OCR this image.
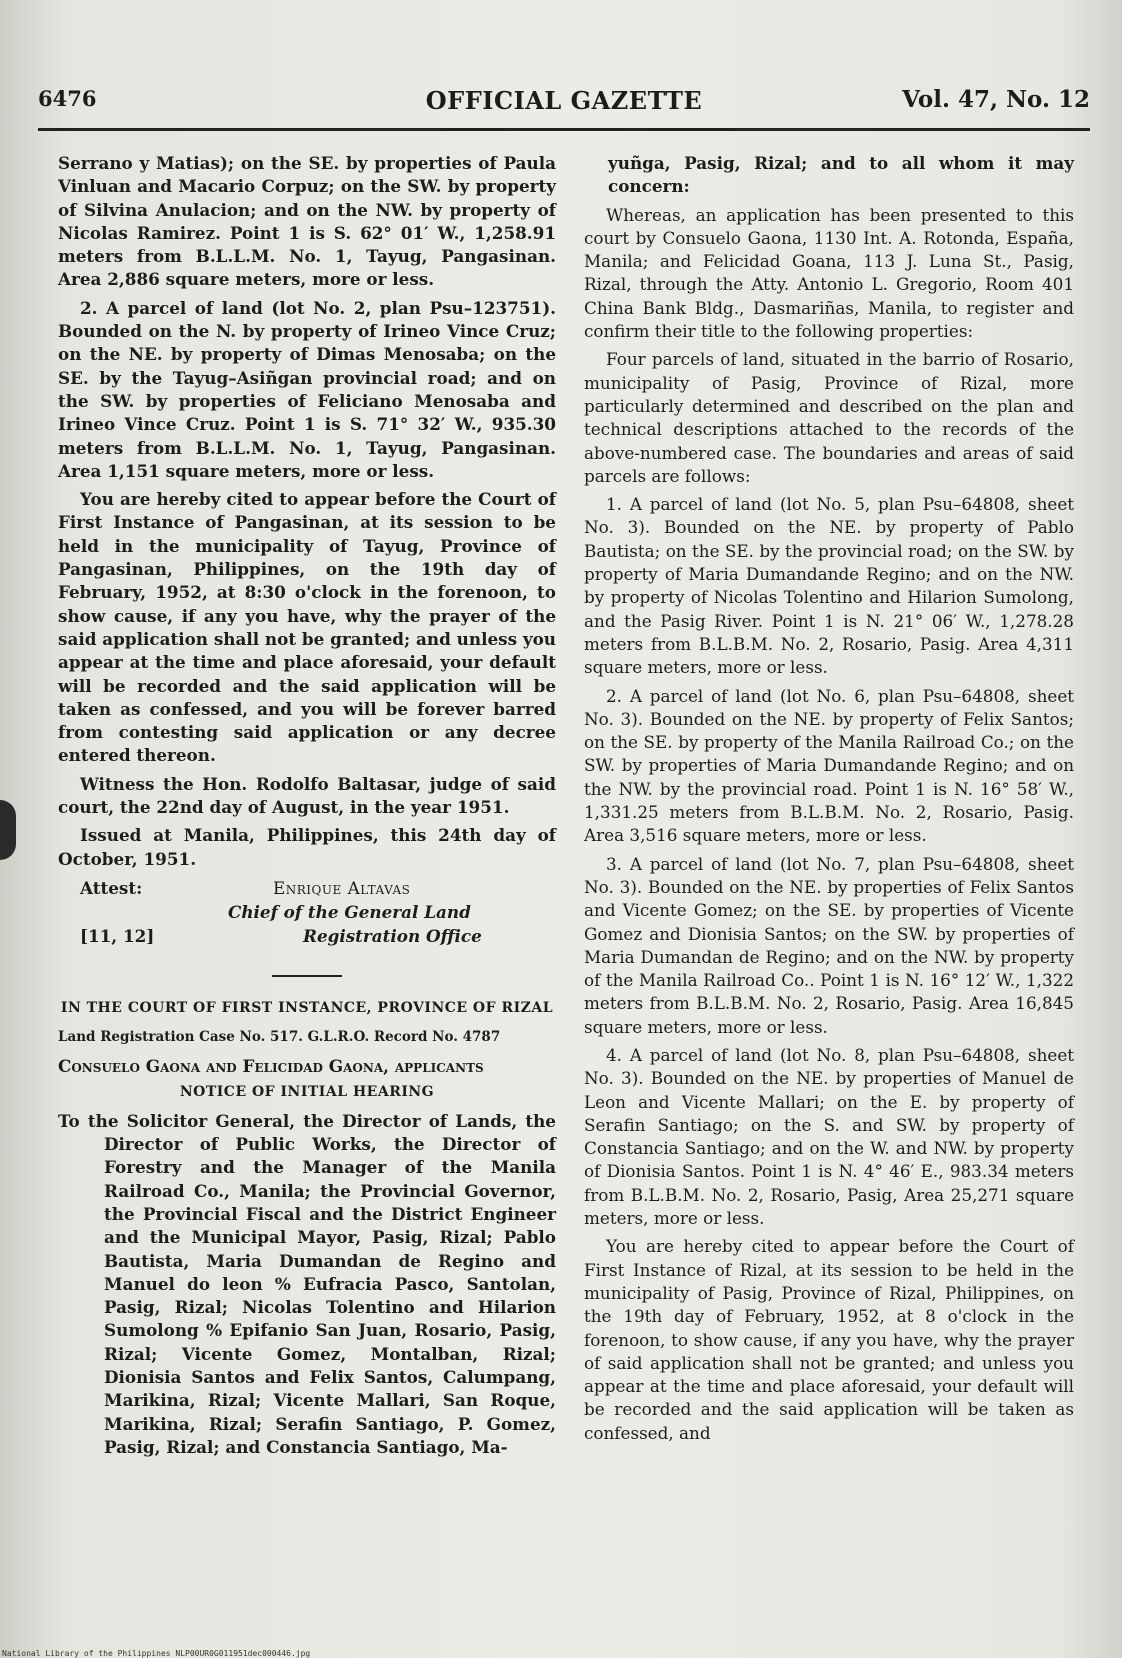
6476	OFFICIAL GAZETTE	Vol. 47, No. 12

Serrano y Matias); on the SE. by properties of Paula Vinluan and Macario Corpuz; on the SW. by property of Silvina Anulacion; and on the NW. by property of Nicolas Ramirez. Point 1 is S. 62° 01′ W., 1,258.91 meters from B.L.L.M. No. 1, Tayug, Pangasinan. Area 2,886 square meters, more or less.

2. A parcel of land (lot No. 2, plan Psu–123751). Bounded on the N. by property of Irineo Vince Cruz; on the NE. by property of Dimas Menosaba; on the SE. by the Tayug–Asiñgan provincial road; and on the SW. by properties of Feliciano Menosaba and Irineo Vince Cruz. Point 1 is S. 71° 32′ W., 935.30 meters from B.L.L.M. No. 1, Tayug, Pangasinan. Area 1,151 square meters, more or less.

You are hereby cited to appear before the Court of First Instance of Pangasinan, at its session to be held in the municipality of Tayug, Province of Pangasinan, Philippines, on the 19th day of February, 1952, at 8:30 o'clock in the forenoon, to show cause, if any you have, why the prayer of the said application shall not be granted; and unless you appear at the time and place aforesaid, your default will be recorded and the said application will be taken as confessed, and you will be forever barred from contesting said application or any decree entered thereon.

Witness the Hon. Rodolfo Baltasar, judge of said court, the 22nd day of August, in the year 1951.

Issued at Manila, Philippines, this 24th day of October, 1951.

Attest:	Enrique Altavas
Chief of the General Land
[11, 12]	Registration Office

IN THE COURT OF FIRST INSTANCE, PROVINCE OF RIZAL

Land Registration Case No. 517. G.L.R.O. Record No. 4787

Consuelo Gaona and Felicidad Gaona, applicants

NOTICE OF INITIAL HEARING

To the Solicitor General, the Director of Lands, the Director of Public Works, the Director of Forestry and the Manager of the Manila Railroad Co., Manila; the Provincial Governor, the Provincial Fiscal and the District Engineer and the Municipal Mayor, Pasig, Rizal; Pablo Bautista, Maria Dumandan de Regino and Manuel do leon % Eufracia Pasco, Santolan, Pasig, Rizal; Nicolas Tolentino and Hilarion Sumolong % Epifanio San Juan, Rosario, Pasig, Rizal; Vicente Gomez, Montalban, Rizal; Dionisia Santos and Felix Santos, Calumpang, Marikina, Rizal; Vicente Mallari, San Roque, Marikina, Rizal; Serafin Santiago, P. Gomez, Pasig, Rizal; and Constancia Santiago, Ma-

yuñga, Pasig, Rizal; and to all whom it may concern:

Whereas, an application has been presented to this court by Consuelo Gaona, 1130 Int. A. Rotonda, España, Manila; and Felicidad Goana, 113 J. Luna St., Pasig, Rizal, through the Atty. Antonio L. Gregorio, Room 401 China Bank Bldg., Dasmariñas, Manila, to register and confirm their title to the following properties:

Four parcels of land, situated in the barrio of Rosario, municipality of Pasig, Province of Rizal, more particularly determined and described on the plan and technical descriptions attached to the records of the above-numbered case. The boundaries and areas of said parcels are follows:

1. A parcel of land (lot No. 5, plan Psu–64808, sheet No. 3). Bounded on the NE. by property of Pablo Bautista; on the SE. by the provincial road; on the SW. by property of Maria Dumandande Regino; and on the NW. by property of Nicolas Tolentino and Hilarion Sumolong, and the Pasig River. Point 1 is N. 21° 06′ W., 1,278.28 meters from B.L.B.M. No. 2, Rosario, Pasig. Area 4,311 square meters, more or less.

2. A parcel of land (lot No. 6, plan Psu–64808, sheet No. 3). Bounded on the NE. by property of Felix Santos; on the SE. by property of the Manila Railroad Co.; on the SW. by properties of Maria Dumandande Regino; and on the NW. by the provincial road. Point 1 is N. 16° 58′ W., 1,331.25 meters from B.L.B.M. No. 2, Rosario, Pasig. Area 3,516 square meters, more or less.

3. A parcel of land (lot No. 7, plan Psu–64808, sheet No. 3). Bounded on the NE. by properties of Felix Santos and Vicente Gomez; on the SE. by properties of Vicente Gomez and Dionisia Santos; on the SW. by properties of Maria Dumandan de Regino; and on the NW. by property of the Manila Railroad Co.. Point 1 is N. 16° 12′ W., 1,322 meters from B.L.B.M. No. 2, Rosario, Pasig. Area 16,845 square meters, more or less.

4. A parcel of land (lot No. 8, plan Psu–64808, sheet No. 3). Bounded on the NE. by properties of Manuel de Leon and Vicente Mallari; on the E. by property of Serafin Santiago; on the S. and SW. by property of Constancia Santiago; and on the W. and NW. by property of Dionisia Santos. Point 1 is N. 4° 46′ E., 983.34 meters from B.L.B.M. No. 2, Rosario, Pasig, Area 25,271 square meters, more or less.

You are hereby cited to appear before the Court of First Instance of Rizal, at its session to be held in the municipality of Pasig, Province of Rizal, Philippines, on the 19th day of February, 1952, at 8 o'clock in the forenoon, to show cause, if any you have, why the prayer of said application shall not be granted; and unless you appear at the time and place aforesaid, your default will be recorded and the said application will be taken as confessed, and

National Library of the Philippines NLP00UR0G011951dec000446.jpg
